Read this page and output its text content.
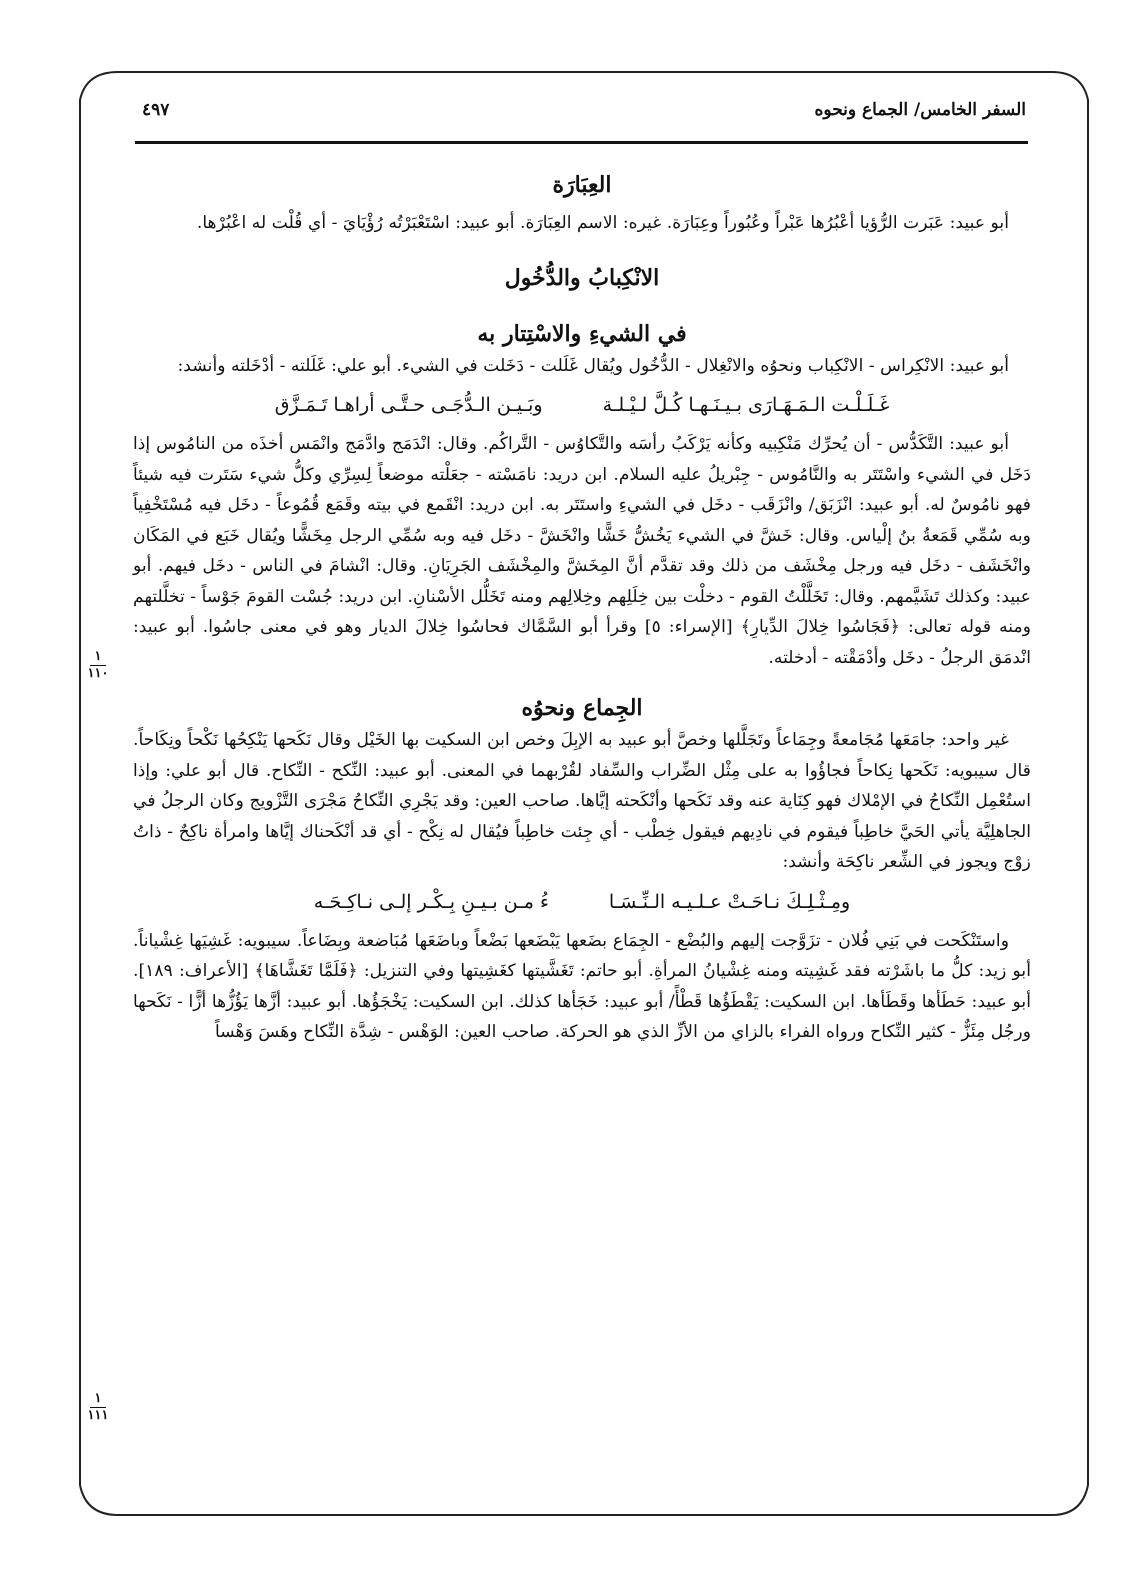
السفر الخامس/ الجماع ونحوه
٤٩٧
١
١١٠
١
١١١
العِبَارَة

أبو عبيد: عَبَرت الرُّؤيا أعْبُرُها عَبْراً وعُبُوراً وعِبَارَة. غيره: الاسم العِبَارَة. أبو عبيد: اسْتَعْبَرْتُه رُؤْيَايَ - أي قُلْت له اعْبُرْها.

الانْكِبابُ والدُّخُول
في الشيءِ والاسْتِتار به

أبو عبيد: الانْكِراس - الانْكِباب ونحوُه والانْغِلال - الدُّخُول ويُقال غَلَلت - دَخَلت في الشيء. أبو علي: غَلَلته - أدْخَلته وأنشد:

غَـلَـلْـت الـمَـهَـارَى بـيـنَـهـا كُـلَّ لـيْـلـة
وبَـيـن الـدُّجَـى حـتَّـى أراهـا تَـمَـزَّق

أبو عبيد: التَّكَدُّس - أن يُحرِّك مَنْكِبيه وكأنه يَرْكَبُ رأسَه والتَّكاوُس - التَّراكُم. وقال: انْدَمَج وادَّمَج وانْمَس أخذَه من النامُوس إذا دَخَل في الشيء واسْتَتَر به والنَّامُوس - جِبْريلُ عليه السلام. ابن دريد: نامَسْته - جعَلْته موضعاً لِسِرِّي وكلُّ شيء سَتَرت فيه شيئاً فهو نامُوسٌ له. أبو عبيد: انْزَبَق/ وانْزَقَب - دخَل في الشيءِ واستَتَر به. ابن دريد: انْقَمع في بيته وقَمَع قُمُوعاً - دخَل فيه مُسْتَخْفِياً وبه سُمِّي قَمَعةُ بنُ إلْياس. وقال: خَشَّ في الشيء يَخُشُّ خَشًّا وانْخَشَّ - دخَل فيه وبه سُمِّي الرجل مِخَشًّا ويُقال خَبَع في المَكَان وانْخَشَف - دخَل فيه ورجل مِخْشَف من ذلك وقد تقدَّم أنَّ المِخَشَّ والمِخْشَف الجَرِيَانِ. وقال: انْشامَ في الناس - دخَل فيهم. أبو عبيد: وكذلك تَشَيَّمهم. وقال: تَخَلَّلْتُ القوم - دخلْت بين خِلَلِهم وخِلالِهم ومنه تَخَلُّل الأسْنانِ. ابن دريد: جُسْت القومَ جَوْساً - تخلَّلتهم ومنه قوله تعالى: ﴿فَجَاسُوا خِلالَ الدِّيارِ﴾ [الإسراء: ٥] وقرأ أبو السَّمَّاك فحاسُوا خِلالَ الديار وهو في معنى جاسُوا. أبو عبيد: انْدمَق الرجلُ - دخَل وأدْمَقْته - أدخلته.

الجِماع ونحوُه

غير واحد: جامَعَها مُجَامعةً وجِمَاعاً وتَجَلَّلها وخصَّ أبو عبيد به الإبِلَ وخص ابن السكيت بها الخَيْل وقال نَكَحها يَنْكِحُها نَكْحاً ونِكَاحاً. قال سيبويه: نَكَحها نِكاحاً فجاؤُوا به على مِثْل الضِّراب والسِّفاد لقُرْبهما في المعنى. أبو عبيد: النِّكح - النِّكاح. قال أبو علي: وإذا استُعْمِل النِّكاحُ في الإمْلاك فهو كِنَاية عنه وقد نَكَحها وأنْكَحته إيَّاها. صاحب العين: وقد يَجْرِي النِّكاحُ مَجْرَى التَّزْويج وكان الرجلُ في الجاهلِيَّة يأتي الحَيَّ خاطِباً فيقوم في نادِيهم فيقول خِطْب - أي جِئت خاطِباً فيُقال له نِكْح - أي قد أنْكَحناك إيَّاها وامرأة ناكِحٌ - ذاتُ زوْج ويجوز في الشِّعر ناكِحَة وأنشد:

ومِـثْـلِـكَ نـاحَـتْ عـلـيـه الـنِّـسَـا
ءُ مـن بـيـنِ بِـكْـر إلـى نـاكِـحَـه

واستَنْكَحت في بَنِي فُلان - تزَوَّجت إليهم والبُضْع - الجِمَاع بضَعها يَبْضَعها بَضْعاً وباضَعَها مُبَاضعة وبِضَاعاً. سيبويه: غَشِيَها غِشْياناً. أبو زيد: كلُّ ما باشَرْته فقد غَشِيته ومنه غِشْيانُ المرأةِ. أبو حاتم: تَغَشَّيتها كغَشِيتها وفي التنزيل: ﴿فَلَمَّا تَغَشَّاهَا﴾ [الأعراف: ١٨٩]. أبو عبيد: حَطَأها وقَطَأها. ابن السكيت: يَقْطَؤُها قَطْأً/ أبو عبيد: خَجَأها كذلك. ابن السكيت: يَخْجَؤُها. أبو عبيد: أزَّها يَؤُزُّها أزًّا - نَكَحها ورجُل مِئَزٌّ - كثير النِّكاح ورواه الفراء بالزاي من الأزِّ الذي هو الحركة. صاحب العين: الوَهْس - شِدَّة النِّكاح وهَسَ وَهْساً
